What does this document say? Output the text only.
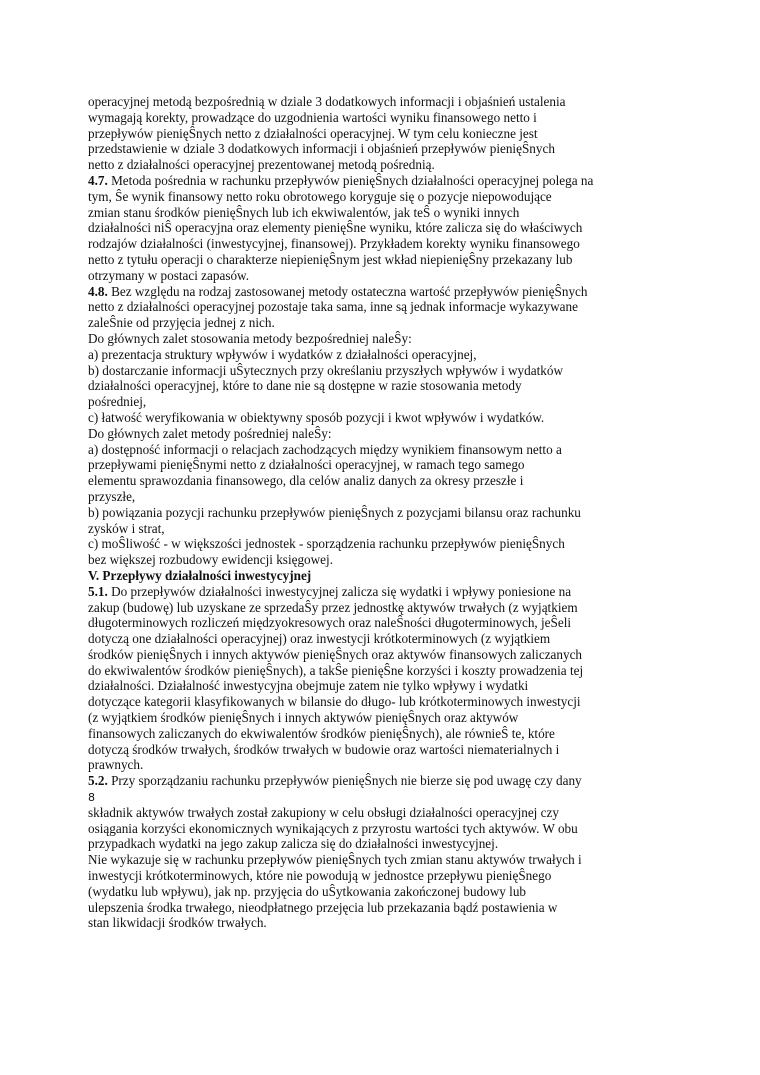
operacyjnej metodą bezpośrednią w dziale 3 dodatkowych informacji i objaśnień ustalenia
wymagają korekty, prowadzące do uzgodnienia wartości wyniku finansowego netto i
przepływów pienięŜnych netto z działalności operacyjnej. W tym celu konieczne jest
przedstawienie w dziale 3 dodatkowych informacji i objaśnień przepływów pienięŜnych
netto z działalności operacyjnej prezentowanej metodą pośrednią.
4.7. Metoda pośrednia w rachunku przepływów pienięŜnych działalności operacyjnej polega na
tym, Ŝe wynik finansowy netto roku obrotowego koryguje się o pozycje niepowodujące
zmian stanu środków pienięŜnych lub ich ekwiwalentów, jak teŜ o wyniki innych
działalności niŜ operacyjna oraz elementy pienięŜne wyniku, które zalicza się do właściwych
rodzajów działalności (inwestycyjnej, finansowej). Przykładem korekty wyniku finansowego
netto z tytułu operacji o charakterze niepienięŜnym jest wkład niepienięŜny przekazany lub
otrzymany w postaci zapasów.
4.8. Bez względu na rodzaj zastosowanej metody ostateczna wartość przepływów pienięŜnych
netto z działalności operacyjnej pozostaje taka sama, inne są jednak informacje wykazywane
zaleŜnie od przyjęcia jednej z nich.
Do głównych zalet stosowania metody bezpośredniej naleŜy:
a) prezentacja struktury wpływów i wydatków z działalności operacyjnej,
b) dostarczanie informacji uŜytecznych przy określaniu przyszłych wpływów i wydatków
działalności operacyjnej, które to dane nie są dostępne w razie stosowania metody
pośredniej,
c) łatwość weryfikowania w obiektywny sposób pozycji i kwot wpływów i wydatków.
Do głównych zalet metody pośredniej naleŜy:
a) dostępność informacji o relacjach zachodzących między wynikiem finansowym netto a
przepływami pienięŜnymi netto z działalności operacyjnej, w ramach tego samego
elementu sprawozdania finansowego, dla celów analiz danych za okresy przeszłe i
przyszłe,
b) powiązania pozycji rachunku przepływów pienięŜnych z pozycjami bilansu oraz rachunku
zysków i strat,
c) moŜliwość - w większości jednostek - sporządzenia rachunku przepływów pienięŜnych
bez większej rozbudowy ewidencji księgowej.
V. Przepływy działalności inwestycyjnej
5.1. Do przepływów działalności inwestycyjnej zalicza się wydatki i wpływy poniesione na
zakup (budowę) lub uzyskane ze sprzedaŜy przez jednostkę aktywów trwałych (z wyjątkiem
długoterminowych rozliczeń międzyokresowych oraz naleŜności długoterminowych, jeŜeli
dotyczą one działalności operacyjnej) oraz inwestycji krótkoterminowych (z wyjątkiem
środków pienięŜnych i innych aktywów pienięŜnych oraz aktywów finansowych zaliczanych
do ekwiwalentów środków pienięŜnych), a takŜe pienięŜne korzyści i koszty prowadzenia tej
działalności. Działalność inwestycyjna obejmuje zatem nie tylko wpływy i wydatki
dotyczące kategorii klasyfikowanych w bilansie do długo- lub krótkoterminowych inwestycji
(z wyjątkiem środków pienięŜnych i innych aktywów pienięŜnych oraz aktywów
finansowych zaliczanych do ekwiwalentów środków pienięŜnych), ale równieŜ te, które
dotyczą środków trwałych, środków trwałych w budowie oraz wartości niematerialnych i
prawnych.
5.2. Przy sporządzaniu rachunku przepływów pienięŜnych nie bierze się pod uwagę czy dany
8
składnik aktywów trwałych został zakupiony w celu obsługi działalności operacyjnej czy
osiągania korzyści ekonomicznych wynikających z przyrostu wartości tych aktywów. W obu
przypadkach wydatki na jego zakup zalicza się do działalności inwestycyjnej.
Nie wykazuje się w rachunku przepływów pienięŜnych tych zmian stanu aktywów trwałych i
inwestycji krótkoterminowych, które nie powodują w jednostce przepływu pienięŜnego
(wydatku lub wpływu), jak np. przyjęcia do uŜytkowania zakończonej budowy lub
ulepszenia środka trwałego, nieodpłatnego przejęcia lub przekazania bądź postawienia w
stan likwidacji środków trwałych.
